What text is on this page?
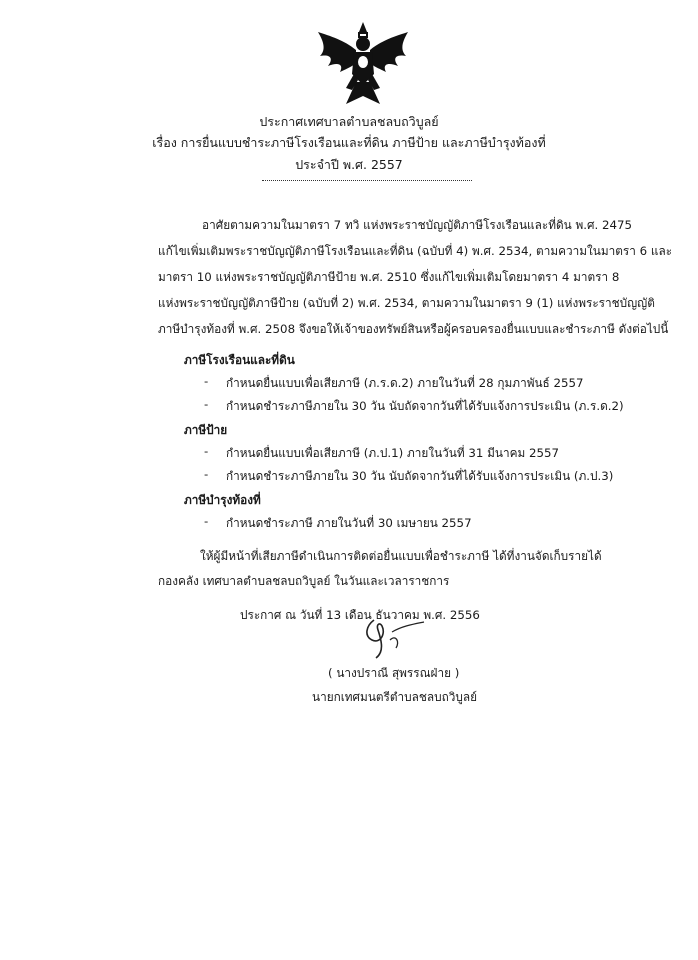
ประกาศเทศบาลตำบลชลบถวิบูลย์
เรื่อง การยื่นแบบชำระภาษีโรงเรือนและที่ดิน ภาษีป้าย และภาษีบำรุงท้องที่
ประจำปี พ.ศ. 2557
อาศัยตามความในมาตรา 7 ทวิ แห่งพระราชบัญญัติภาษีโรงเรือนและที่ดิน พ.ศ. 2475
แก้ไขเพิ่มเติมพระราชบัญญัติภาษีโรงเรือนและที่ดิน (ฉบับที่ 4) พ.ศ. 2534, ตามความในมาตรา 6 และ
มาตรา 10 แห่งพระราชบัญญัติภาษีป้าย พ.ศ. 2510 ซึ่งแก้ไขเพิ่มเติมโดยมาตรา 4 มาตรา 8
แห่งพระราชบัญญัติภาษีป้าย (ฉบับที่ 2) พ.ศ. 2534, ตามความในมาตรา 9 (1) แห่งพระราชบัญญัติ
ภาษีบำรุงท้องที่ พ.ศ. 2508 จึงขอให้เจ้าของทรัพย์สินหรือผู้ครอบครองยื่นแบบและชำระภาษี ดังต่อไปนี้
ภาษีโรงเรือนและที่ดิน
- กำหนดยื่นแบบเพื่อเสียภาษี (ภ.ร.ด.2) ภายในวันที่ 28 กุมภาพันธ์ 2557
- กำหนดชำระภาษีภายใน 30 วัน นับถัดจากวันที่ได้รับแจ้งการประเมิน (ภ.ร.ด.2)
ภาษีป้าย
- กำหนดยื่นแบบเพื่อเสียภาษี (ภ.ป.1) ภายในวันที่ 31 มีนาคม 2557
- กำหนดชำระภาษีภายใน 30 วัน นับถัดจากวันที่ได้รับแจ้งการประเมิน (ภ.ป.3)
ภาษีบำรุงท้องที่
- กำหนดชำระภาษี ภายในวันที่ 30 เมษายน 2557
ให้ผู้มีหน้าที่เสียภาษีดำเนินการติดต่อยื่นแบบเพื่อชำระภาษี ได้ที่งานจัดเก็บรายได้
กองคลัง เทศบาลตำบลชลบถวิบูลย์ ในวันและเวลาราชการ
ประกาศ ณ วันที่ 13 เดือน ธันวาคม พ.ศ. 2556
( นางปราณี สุพรรณฝ่าย )
นายกเทศมนตรีตำบลชลบถวิบูลย์
